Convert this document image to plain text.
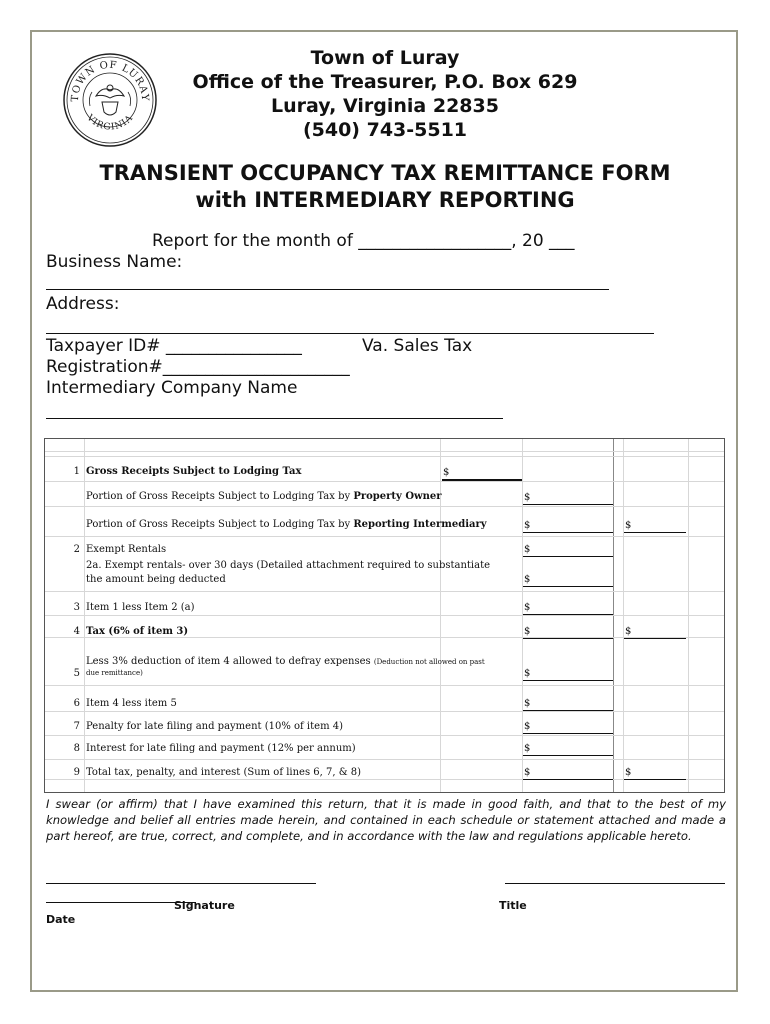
TOWN OF LURAY
VIRGINIA
Town of Luray
Office of the Treasurer, P.O. Box 629
Luray, Virginia 22835
(540) 743-5511
TRANSIENT OCCUPANCY TAX REMITTANCE FORM
with INTERMEDIARY REPORTING
Report for the month of __________________, 20 ___
Business Name:
Address:
Taxpayer ID# ________________	Va. Sales Tax
Registration#______________________
Intermediary Company Name
1 Gross Receipts Subject to Lodging Tax	$
Portion of Gross Receipts Subject to Lodging Tax by Property Owner	$
Portion of Gross Receipts Subject to Lodging Tax by Reporting Intermediary	$	$
2 Exempt Rentals	$
2a. Exempt rentals- over 30 days (Detailed attachment required to substantiate
the amount being deducted	$
3 Item 1 less Item 2 (a)	$
4 Tax (6% of item 3)	$	$
Less 3% deduction of item 4 allowed to defray expenses (Deduction not allowed on past
due remittance)
5	$
6 Item 4 less item 5	$
7 Penalty for late filing and payment (10% of item 4)	$
8 Interest for late filing and payment (12% per annum)	$
9 Total tax, penalty, and interest (Sum of lines 6, 7, & 8)	$	$
I swear (or affirm) that I have examined this return, that it is made in good faith, and that to the best of my knowledge and belief all entries made herein, and contained in each schedule or statement attached and made a part hereof, are true, correct, and complete, and in accordance with the law and regulations applicable hereto.
Signature	Title
Date
